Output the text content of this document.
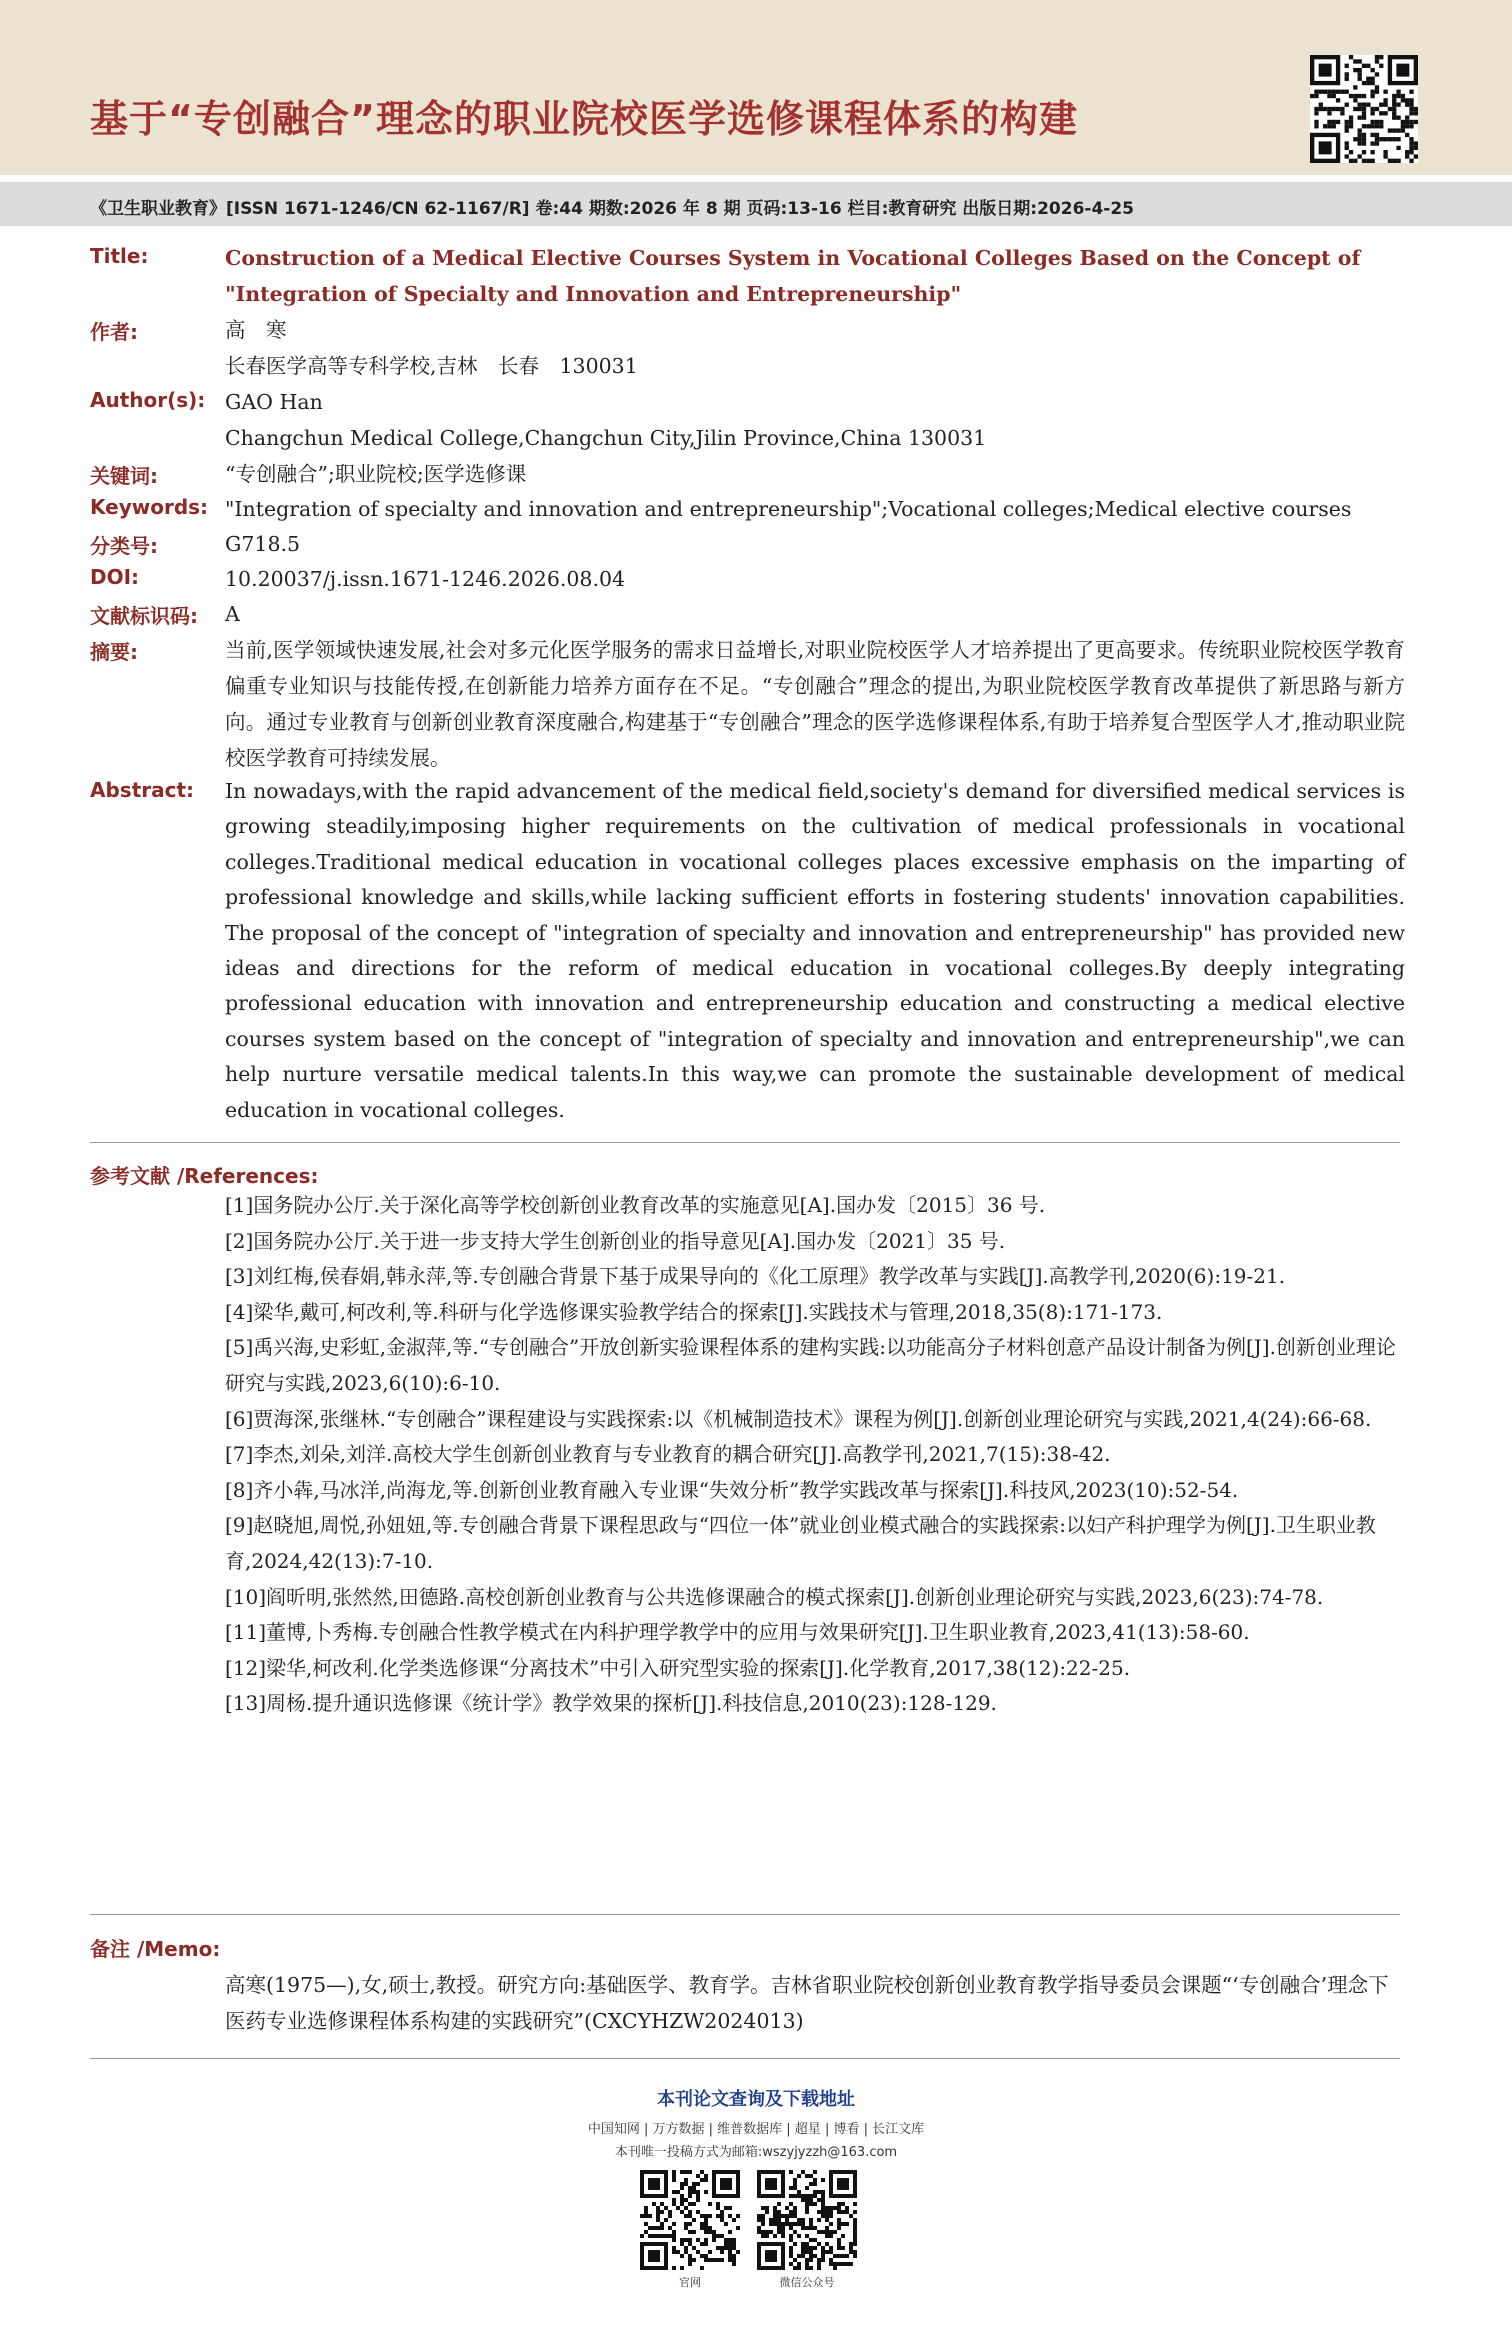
基于“专创融合”理念的职业院校医学选修课程体系的构建
《卫生职业教育》[ISSN 1671-1246/CN 62-1167/R] 卷:44 期数:2026 年 8 期 页码:13-16 栏目:教育研究 出版日期:2026-4-25
Title:	Construction of a Medical Elective Courses System in Vocational Colleges Based on the Concept of "Integration of Specialty and Innovation and Entrepreneurship"
作者:	高　寒
长春医学高等专科学校,吉林　长春　130031
Author(s): GAO Han
Changchun Medical College,Changchun City,Jilin Province,China 130031
关键词:	“专创融合”;职业院校;医学选修课
Keywords: "Integration of specialty and innovation and entrepreneurship";Vocational colleges;Medical elective courses
分类号:	G718.5
DOI:	10.20037/j.issn.1671-1246.2026.08.04
文献标识码: A
摘要:	当前,医学领域快速发展,社会对多元化医学服务的需求日益增长,对职业院校医学人才培养提出了更高要求。传统职业院校医学教育偏重专业知识与技能传授,在创新能力培养方面存在不足。“专创融合”理念的提出,为职业院校医学教育改革提供了新思路与新方向。通过专业教育与创新创业教育深度融合,构建基于“专创融合”理念的医学选修课程体系,有助于培养复合型医学人才,推动职业院校医学教育可持续发展。
Abstract: In nowadays,with the rapid advancement of the medical field,society's demand for diversified medical services is growing steadily,imposing higher requirements on the cultivation of medical professionals in vocational colleges.Traditional medical education in vocational colleges places excessive emphasis on the imparting of professional knowledge and skills,while lacking sufficient efforts in fostering students' innovation capabilities. The proposal of the concept of "integration of specialty and innovation and entrepreneurship" has provided new ideas and directions for the reform of medical education in vocational colleges.By deeply integrating professional education with innovation and entrepreneurship education and constructing a medical elective courses system based on the concept of "integration of specialty and innovation and entrepreneurship",we can help nurture versatile medical talents.In this way,we can promote the sustainable development of medical education in vocational colleges.
参考文献 /References:
[1]国务院办公厅.关于深化高等学校创新创业教育改革的实施意见[A].国办发〔2015〕36 号.
[2]国务院办公厅.关于进一步支持大学生创新创业的指导意见[A].国办发〔2021〕35 号.
[3]刘红梅,侯春娟,韩永萍,等.专创融合背景下基于成果导向的《化工原理》教学改革与实践[J].高教学刊,2020(6):19-21.
[4]梁华,戴可,柯改利,等.科研与化学选修课实验教学结合的探索[J].实践技术与管理,2018,35(8):171-173.
[5]禹兴海,史彩虹,金淑萍,等.“专创融合”开放创新实验课程体系的建构实践:以功能高分子材料创意产品设计制备为例[J].创新创业理论研究与实践,2023,6(10):6-10.
[6]贾海深,张继林.“专创融合”课程建设与实践探索:以《机械制造技术》课程为例[J].创新创业理论研究与实践,2021,4(24):66-68.
[7]李杰,刘朵,刘洋.高校大学生创新创业教育与专业教育的耦合研究[J].高教学刊,2021,7(15):38-42.
[8]齐小犇,马冰洋,尚海龙,等.创新创业教育融入专业课“失效分析”教学实践改革与探索[J].科技风,2023(10):52-54.
[9]赵晓旭,周悦,孙妞妞,等.专创融合背景下课程思政与“四位一体”就业创业模式融合的实践探索:以妇产科护理学为例[J].卫生职业教育,2024,42(13):7-10.
[10]阎昕明,张然然,田德路.高校创新创业教育与公共选修课融合的模式探索[J].创新创业理论研究与实践,2023,6(23):74-78.
[11]董博,卜秀梅.专创融合性教学模式在内科护理学教学中的应用与效果研究[J].卫生职业教育,2023,41(13):58-60.
[12]梁华,柯改利.化学类选修课“分离技术”中引入研究型实验的探索[J].化学教育,2017,38(12):22-25.
[13]周杨.提升通识选修课《统计学》教学效果的探析[J].科技信息,2010(23):128-129.
备注 /Memo:
高寒(1975—),女,硕士,教授。研究方向:基础医学、教育学。吉林省职业院校创新创业教育教学指导委员会课题“‘专创融合’理念下医药专业选修课程体系构建的实践研究”(CXCYHZW2024013)
本刊论文查询及下载地址
中国知网 | 万方数据 | 维普数据库 | 超星 | 博看 | 长江文库
本刊唯一投稿方式为邮箱:wszyjyzzh@163.com
官网	微信公众号
